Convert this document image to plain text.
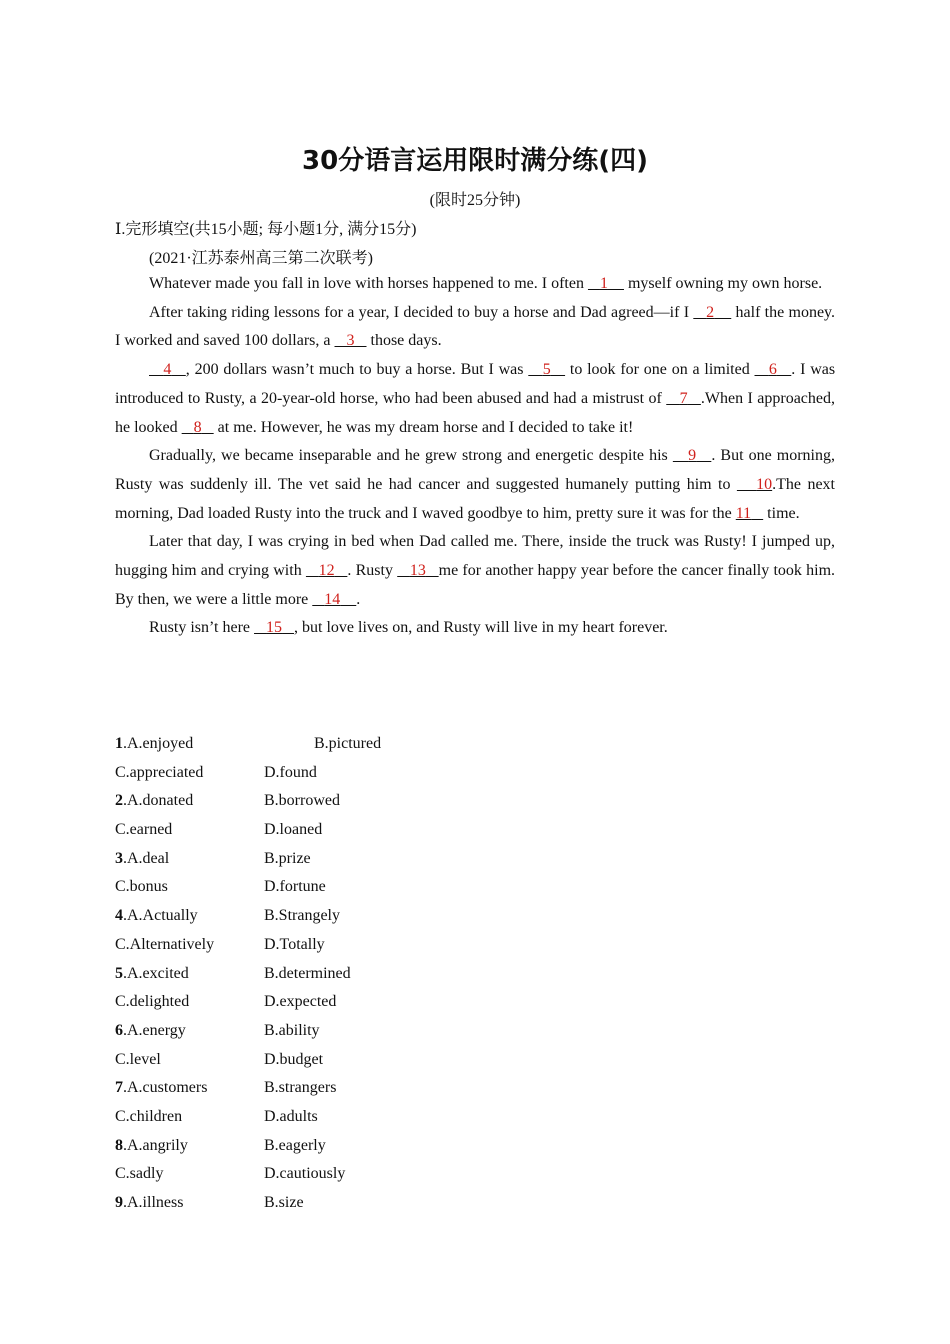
30分语言运用限时满分练(四)
(限时25分钟)
Ⅰ.完形填空(共15小题; 每小题1分, 满分15分)
(2021·江苏泰州高三第二次联考)

Whatever made you fall in love with horses happened to me. I often    1     myself owning my own horse.

After taking riding lessons for a year, I decided to buy a horse and Dad agreed—if I    2     half the money. I worked and saved 100 dollars, a    3    those days.

4 , 200 dollars wasn’t much to buy a horse. But I was    5    to look for one on a limited    6 . I was introduced to Rusty, a 20-year-old horse, who had been abused and had a mistrust of    7 .When I approached, he looked    8    at me. However, he was my dream horse and I decided to take it!

Gradually, we became inseparable and he grew strong and energetic despite his    9 . But one morning, Rusty was suddenly ill. The vet said he had cancer and suggested humanely putting him to    10.The next morning, Dad loaded Rusty into the truck and I waved goodbye to him, pretty sure it was for the 11    time.

Later that day, I was crying in bed when Dad called me. There, inside the truck was Rusty! I jumped up, hugging him and crying with    12 . Rusty    13 me for another happy year before the cancer finally took him. By then, we were a little more    14 .

Rusty isn’t here    15 , but love lives on, and Rusty will live in my heart forever.

1.A.enjoyed	B.pictured
C.appreciated	D.found
2.A.donated	B.borrowed
C.earned	D.loaned
3.A.deal	B.prize
C.bonus	D.fortune
4.A.Actually	B.Strangely
C.Alternatively	D.Totally
5.A.excited	B.determined
C.delighted	D.expected
6.A.energy	B.ability
C.level	D.budget
7.A.customers	B.strangers
C.children	D.adults
8.A.angrily	B.eagerly
C.sadly	D.cautiously
9.A.illness	B.size
